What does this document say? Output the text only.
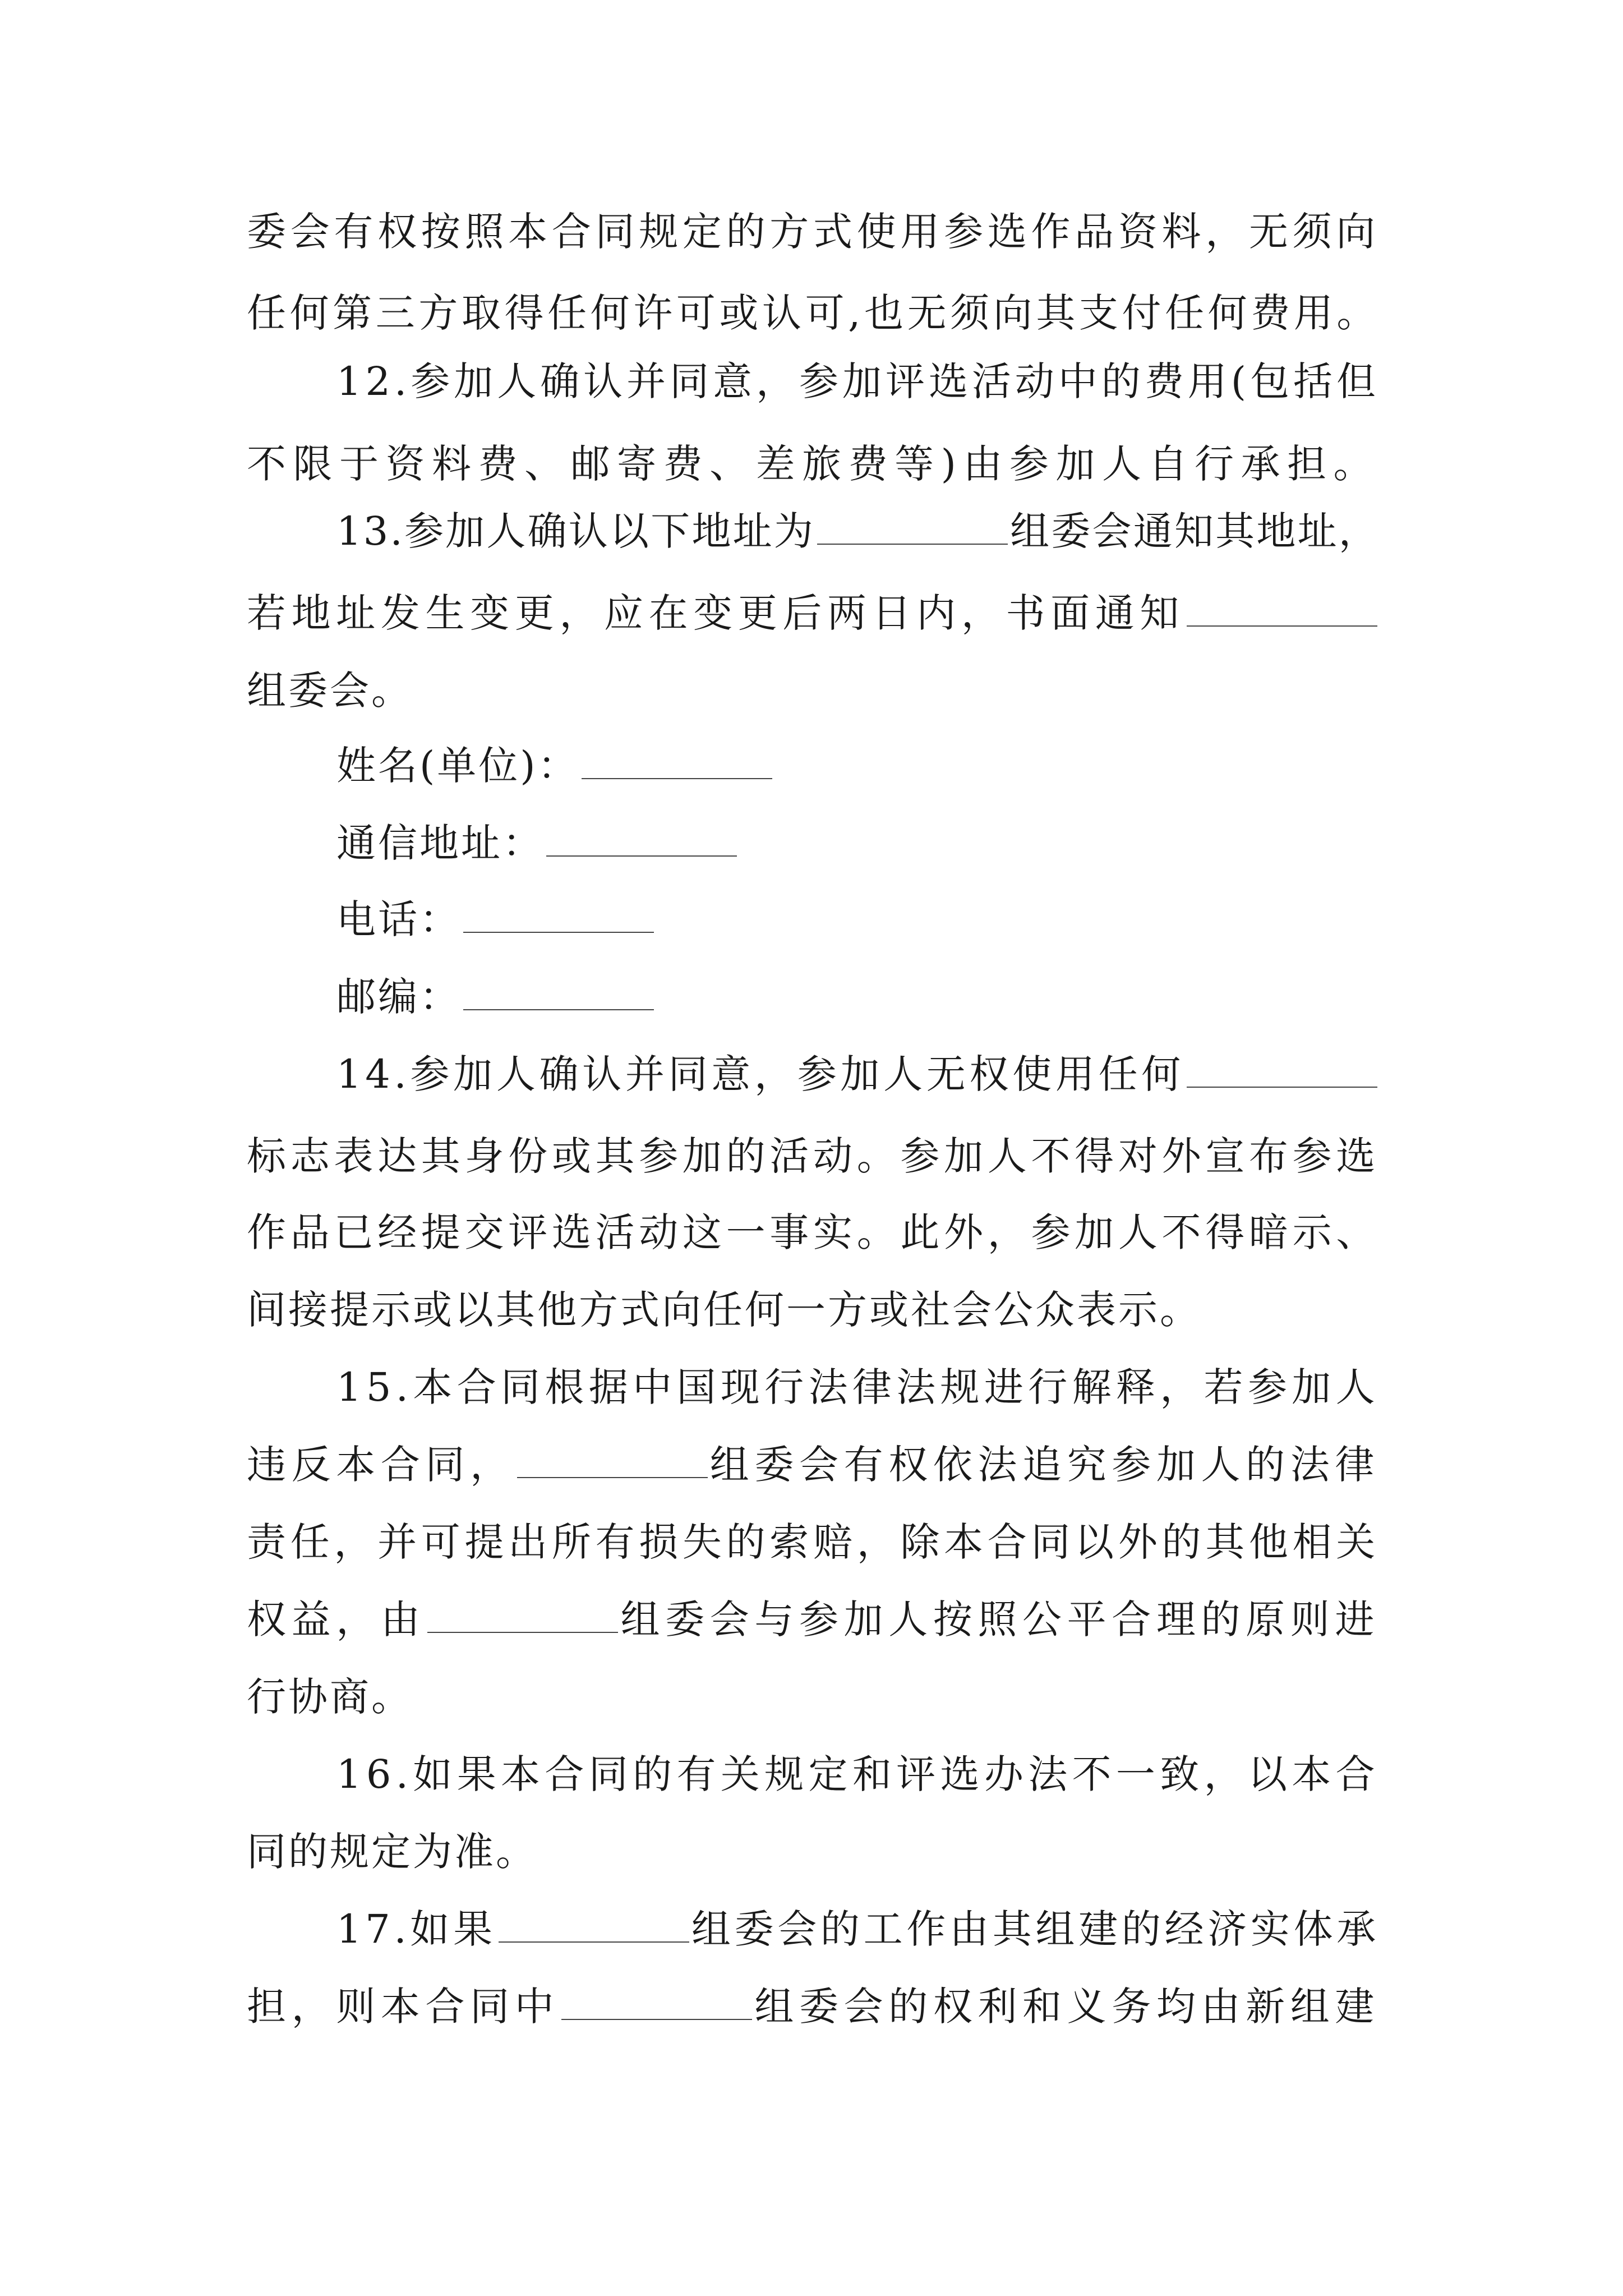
委会有权按照本合同规定的方式使用参选作品资料，无须向
任何第三方取得任何许可或认可,也无须向其支付任何费用。
12.参加人确认并同意，参加评选活动中的费用(包括但
不限于资料费、邮寄费、差旅费等)由参加人自行承担。
13.参加人确认以下地址为	组委会通知其地址，
若地址发生变更，应在变更后两日内，书面通知
组委会。
姓名(单位)：
通信地址：
电话：
邮编：
14.参加人确认并同意，参加人无权使用任何
标志表达其身份或其参加的活动。参加人不得对外宣布参选
作品已经提交评选活动这一事实。此外，参加人不得暗示、
间接提示或以其他方式向任何一方或社会公众表示。
15.本合同根据中国现行法律法规进行解释，若参加人
违反本合同，	组委会有权依法追究参加人的法律
责任，并可提出所有损失的索赔，除本合同以外的其他相关
权益，由	组委会与参加人按照公平合理的原则进
行协商。
16.如果本合同的有关规定和评选办法不一致，以本合
同的规定为准。
17.如果	组委会的工作由其组建的经济实体承
担，则本合同中	组委会的权利和义务均由新组建
